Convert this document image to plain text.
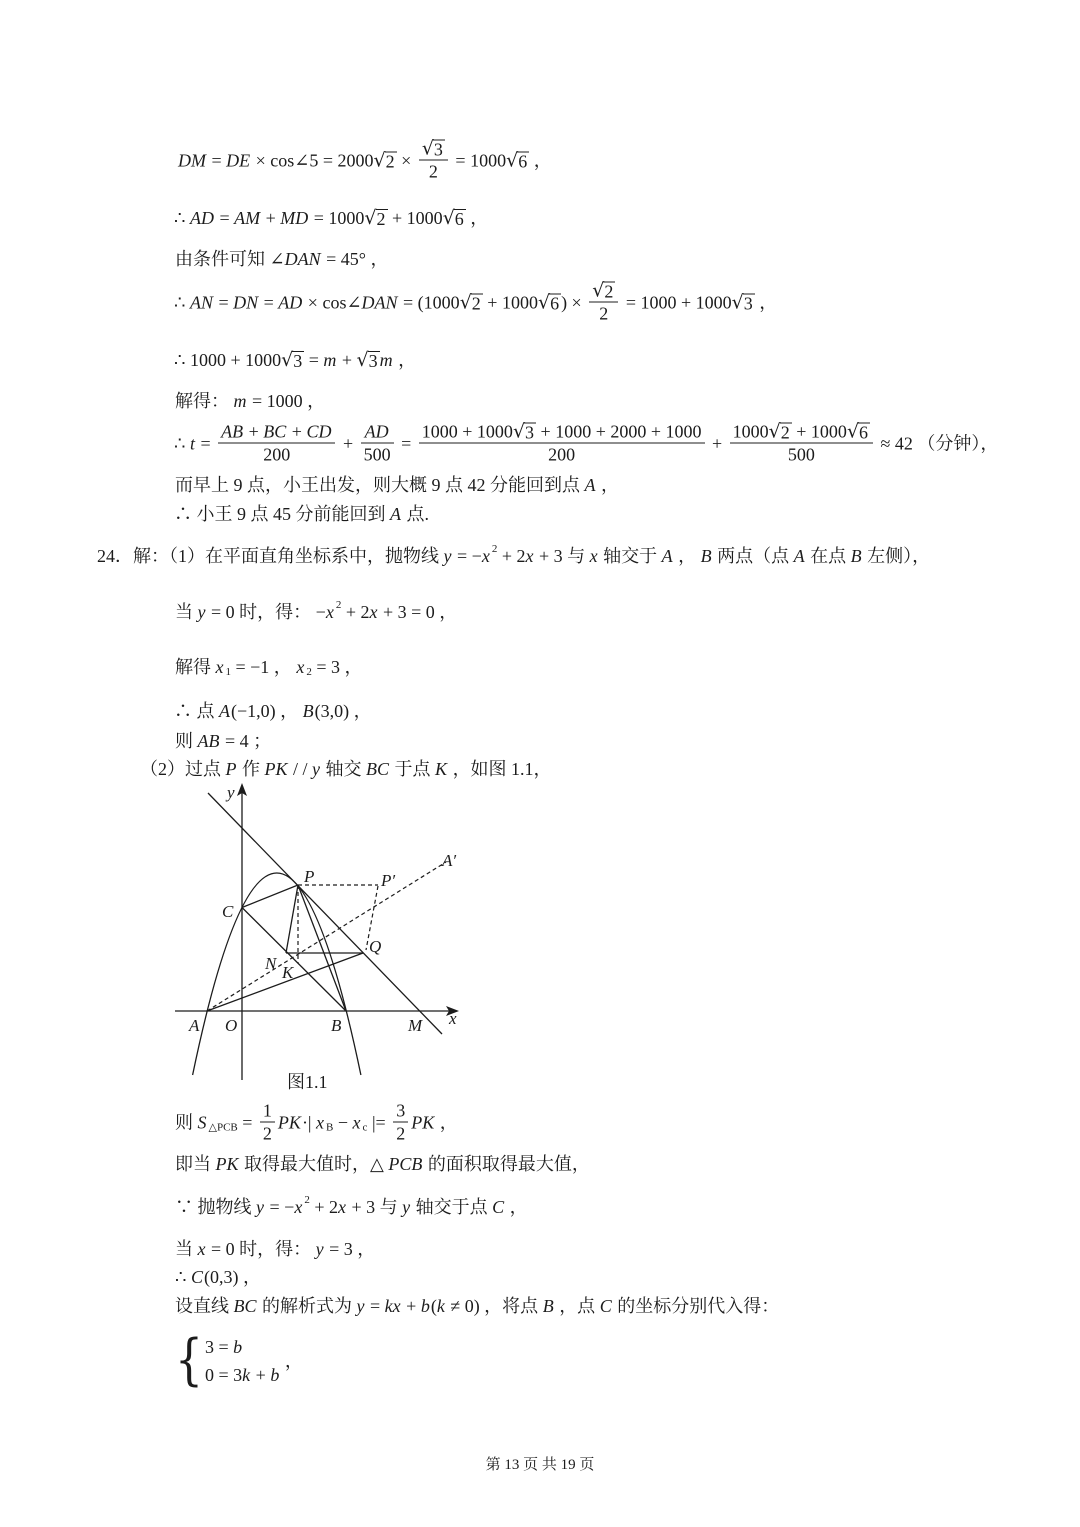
DM = DE × cos∠5 = 2000 √ $2 \times \frac{√ 3}{2} = 1000$ √ 6 ，
∴ AD = AM + MD = 1000 √ 2 + 1000 √ 6 ，
由条件可知 ∠ DAN = 45° ，
∴ AN = DN = AD × cos∠ DAN = (1000 √ 2 + 1000 √ 6 ) × $\frac{√ 2}{2} = 1000 + 1000$ √ 3 ，
∴ 1000 + 1000 √ 3 = m + √ 3 m ，
解得： m = 1000 ，
∴ $t = \frac{AB + BC + CD}{200} + \frac{AD}{500} = \frac{1000 + 1000 √ 3 + 1000 + 2000 + 1000}{200} + \frac{1000 √ 2 + 1000 √ 6}{500} \approx 42$ （分钟），
而早上 9 点，小王出发，则大概 9 点 42 分能回到点 A ，
∴ 小王 9 点 45 分前能回到 A 点.
24．解：（1）在平面直角坐标系中，抛物线 y = − x 2 + 2 x + 3 与 x 轴交于 A ， B 两点（点 A 在点 B 左侧），
当 y = 0 时，得： − x 2 + 2 x + 3 = 0 ，
解得 x 1 = −1 ， x 2 = 3 ，
∴ 点 A (−1,0) ， B (3,0) ，
则 AB = 4 ；
（2）过点 P 作 PK / / y 轴交 BC 于点 K ，如图 1.1，
y
x
A O	B	M
C
P	P′
A′
Q
N K
图1.1
则 S △PCB = $\frac{1}{2}$ PK ·| x B − x c |= $\frac{3}{2}$ PK ，
即当 PK 取得最大值时，△ PCB 的面积取得最大值，
∵ 抛物线 y = − x 2 + 2 x + 3 与 y 轴交于点 C ，
当 x = 0 时，得： y = 3 ，
∴ C (0,3) ，
设直线 BC 的解析式为 y = kx + b ( k ≠ 0) ，将点 B ，点 C 的坐标分别代入得：
{ 3 = b
0 = 3 k + b
，
第 13 页 共 19 页
